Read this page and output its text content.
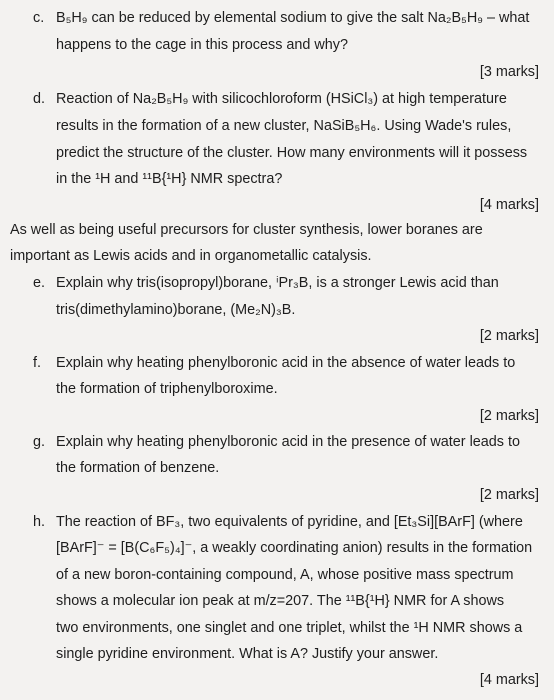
c. B₅H₉ can be reduced by elemental sodium to give the salt Na₂B₅H₉ – what
happens to the cage in this process and why?
[3 marks]
d. Reaction of Na₂B₅H₉ with silicochloroform (HSiCl₃) at high temperature
results in the formation of a new cluster, NaSiB₅H₆. Using Wade's rules,
predict the structure of the cluster. How many environments will it possess
in the ¹H and ¹¹B{¹H} NMR spectra?
[4 marks]
As well as being useful precursors for cluster synthesis, lower boranes are
important as Lewis acids and in organometallic catalysis.
e. Explain why tris(isopropyl)borane, ⁱPr₃B, is a stronger Lewis acid than
tris(dimethylamino)borane, (Me₂N)₃B.
[2 marks]
f. Explain why heating phenylboronic acid in the absence of water leads to
the formation of triphenylboroxime.
[2 marks]
g. Explain why heating phenylboronic acid in the presence of water leads to
the formation of benzene.
[2 marks]
h. The reaction of BF₃, two equivalents of pyridine, and [Et₃Si][BArF] (where
[BArF]⁻ = [B(C₆F₅)₄]⁻, a weakly coordinating anion) results in the formation
of a new boron-containing compound, A, whose positive mass spectrum
shows a molecular ion peak at m/z=207. The ¹¹B{¹H} NMR for A shows
two environments, one singlet and one triplet, whilst the ¹H NMR shows a
single pyridine environment. What is A? Justify your answer.
[4 marks]
